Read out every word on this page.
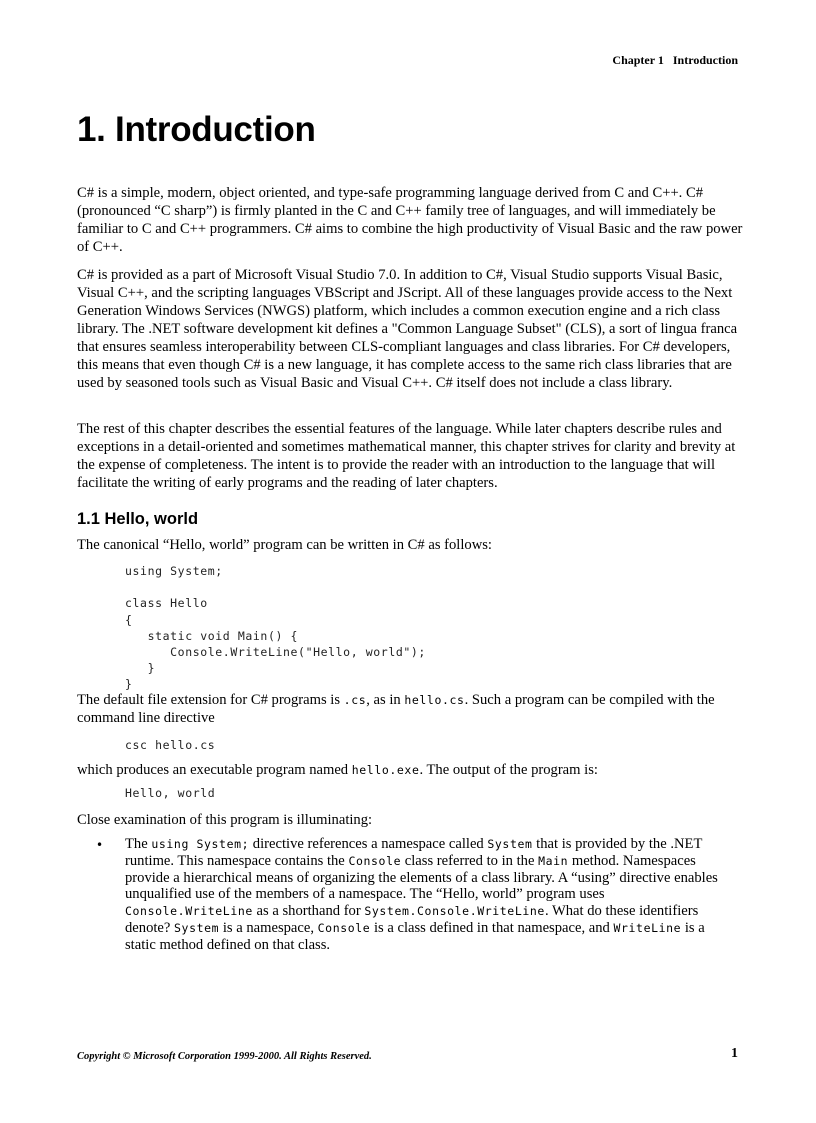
Chapter 1   Introduction
1. Introduction

C# is a simple, modern, object oriented, and type-safe programming language derived from C and C++. C# (pronounced “C sharp”) is firmly planted in the C and C++ family tree of languages, and will immediately be familiar to C and C++ programmers. C# aims to combine the high productivity of Visual Basic and the raw power of C++.

C# is provided as a part of Microsoft Visual Studio 7.0. In addition to C#, Visual Studio supports Visual Basic, Visual C++, and the scripting languages VBScript and JScript. All of these languages provide access to the Next Generation Windows Services (NWGS) platform, which includes a common execution engine and a rich class library. The .NET software development kit defines a "Common Language Subset" (CLS), a sort of lingua franca that ensures seamless interoperability between CLS-compliant languages and class libraries. For C# developers, this means that even though C# is a new language, it has complete access to the same rich class libraries that are used by seasoned tools such as Visual Basic and Visual C++. C# itself does not include a class library.

The rest of this chapter describes the essential features of the language. While later chapters describe rules and exceptions in a detail-oriented and sometimes mathematical manner, this chapter strives for clarity and brevity at the expense of completeness. The intent is to provide the reader with an introduction to the language that will facilitate the writing of early programs and the reading of later chapters.

1.1 Hello, world

The canonical “Hello, world” program can be written in C# as follows:

using System;

class Hello
{
static void Main() {
Console.WriteLine("Hello, world");
}
}

The default file extension for C# programs is .cs, as in hello.cs. Such a program can be compiled with the

command line directive

csc hello.cs

which produces an executable program named hello.exe. The output of the program is:

Hello, world

Close examination of this program is illuminating:

• The using System; directive references a namespace called System that is provided by the .NET
runtime. This namespace contains the Console class referred to in the Main method. Namespaces
provide a hierarchical means of organizing the elements of a class library. A “using” directive enables
unqualified use of the members of a namespace. The “Hello, world” program uses
Console.WriteLine as a shorthand for System.Console.WriteLine. What do these identifiers
denote? System is a namespace, Console is a class defined in that namespace, and WriteLine is a
static method defined on that class.
Copyright © Microsoft Corporation 1999-2000. All Rights Reserved.	1
